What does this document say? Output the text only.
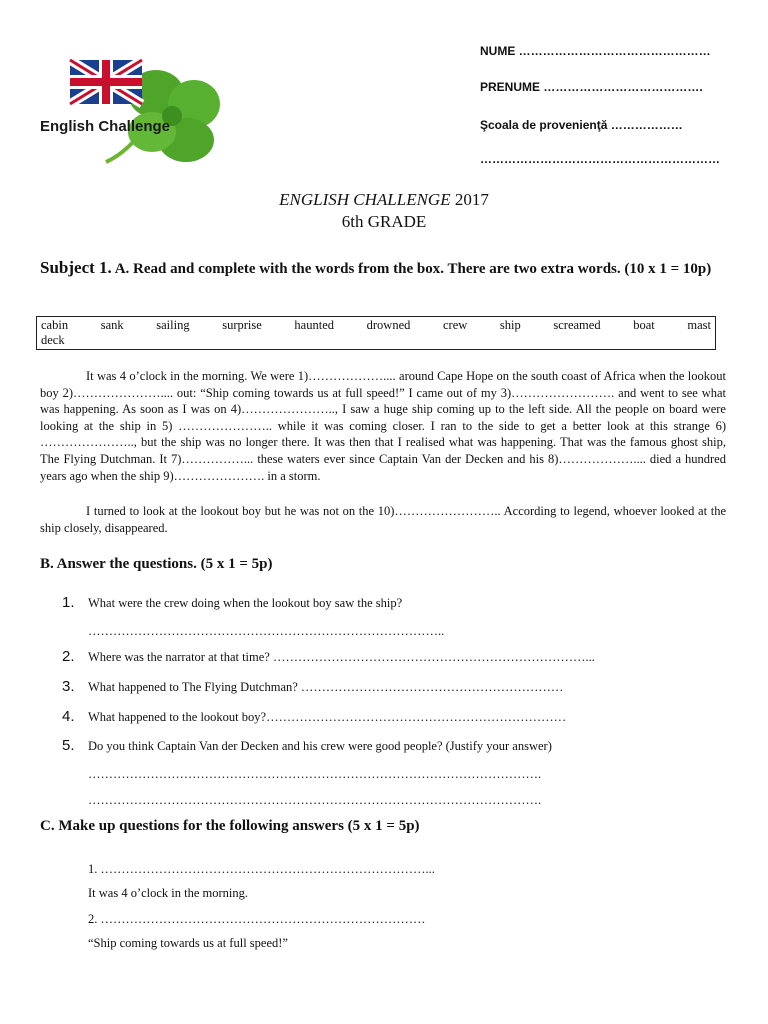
English Challenge
NUME …………………………………………
PRENUME ………………………………….
Şcoala de provenienţă ………………
……………………………………………………
ENGLISH CHALLENGE 2017
6th GRADE
Subject 1. A. Read and complete with the words from the box. There are two extra words. (10 x 1 = 10p)
cabin	sank	sailing	surprise	haunted	drowned	crew	ship	screamed	boat	mast
deck
It was 4 o’clock in the morning. We were 1)……………….... around Cape Hope on the south coast of Africa when the lookout boy 2)………………….... out: “Ship coming towards us at full speed!” I came out of my 3)……………………. and went to see what was happening. As soon as I was on 4)………………….., I saw a huge ship coming up to the left side. All the people on board were looking at the ship in 5) ………………….. while it was coming closer. I ran to the side to get a better look at this strange 6) ………………….., but the ship was no longer there. It was then that I realised what was happening. That was the famous ghost ship, The Flying Dutchman. It 7)……………... these waters ever since Captain Van der Decken and his 8)……………….... died a hundred years ago when the ship 9)…………………. in a storm.
I turned to look at the lookout boy but he was not on the 10)…………………….. According to legend, whoever looked at the ship closely, disappeared.
B. Answer the questions. (5 x 1 = 5p)
1. What were the crew doing when the lookout boy saw the ship?
…………………………………………………………………………..
2. Where was the narrator at that time? …………………………………………………………………...
3. What happened to The Flying Dutchman? ………………………………………………………
4. What happened to the lookout boy?………………………………………………………………
5. Do you think Captain Van der Decken and his crew were good people? (Justify your answer)
……………………………………………………………………………………………….
……………………………………………………………………………………………….
C. Make up questions for the following answers (5 x 1 = 5p)
1. ……………………………………………………………………...
It was 4 o’clock in the morning.
2. ……………………………………………………………………
“Ship coming towards us at full speed!”
